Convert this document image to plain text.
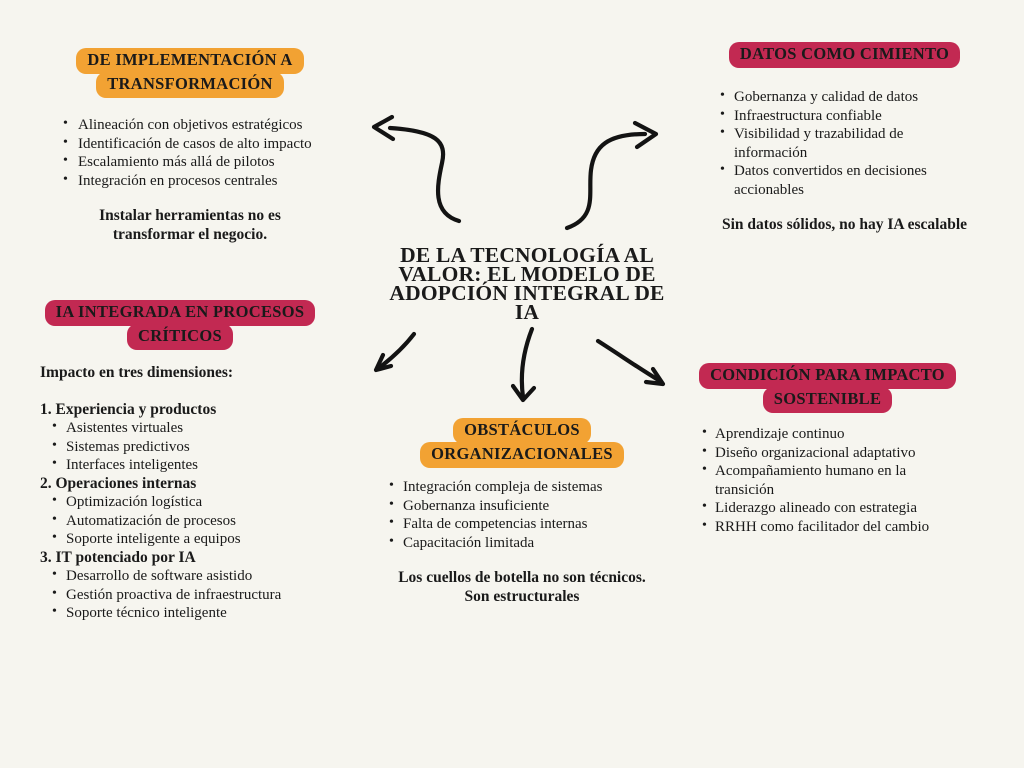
DE LA TECNOLOGÍA AL
VALOR: EL MODELO DE
ADOPCIÓN INTEGRAL DE
IA
DE IMPLEMENTACIÓN A
TRANSFORMACIÓN
• Alineación con objetivos estratégicos
• Identificación de casos de alto impacto
• Escalamiento más allá de pilotos
• Integración en procesos centrales
Instalar herramientas no es
transformar el negocio.
IA INTEGRADA EN PROCESOS
CRÍTICOS
Impacto en tres dimensiones:
1. Experiencia y productos
• Asistentes virtuales
• Sistemas predictivos
• Interfaces inteligentes
2. Operaciones internas
• Optimización logística
• Automatización de procesos
• Soporte inteligente a equipos
3. IT potenciado por IA
• Desarrollo de software asistido
• Gestión proactiva de infraestructura
• Soporte técnico inteligente
DATOS COMO CIMIENTO
• Gobernanza y calidad de datos
• Infraestructura confiable
• Visibilidad y trazabilidad de información
• Datos convertidos en decisiones accionables
Sin datos sólidos, no hay IA escalable
OBSTÁCULOS
ORGANIZACIONALES
• Integración compleja de sistemas
• Gobernanza insuficiente
• Falta de competencias internas
• Capacitación limitada
Los cuellos de botella no son técnicos.
Son estructurales
CONDICIÓN PARA IMPACTO
SOSTENIBLE
• Aprendizaje continuo
• Diseño organizacional adaptativo
• Acompañamiento humano en la transición
• Liderazgo alineado con estrategia
• RRHH como facilitador del cambio
